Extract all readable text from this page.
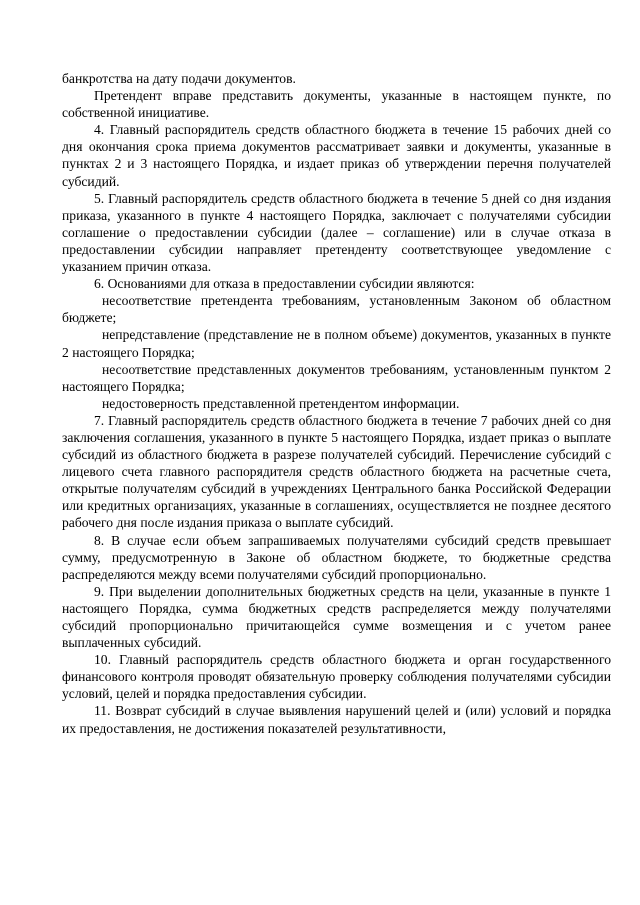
банкротства на дату подачи документов.

Претендент вправе представить документы, указанные в настоящем пункте, по собственной инициативе.

4. Главный распорядитель средств областного бюджета в течение 15 рабочих дней со дня окончания срока приема документов рассматривает заявки и документы, указанные в пунктах 2 и 3 настоящего Порядка, и издает приказ об утверждении перечня получателей субсидий.

5. Главный распорядитель средств областного бюджета в течение 5 дней со дня издания приказа, указанного в пункте 4 настоящего Порядка, заключает с получателями субсидии соглашение о предоставлении субсидии (далее – соглашение) или в случае отказа в предоставлении субсидии направляет претенденту соответствующее уведомление с указанием причин отказа.

6. Основаниями для отказа в предоставлении субсидии являются:

несоответствие претендента требованиям, установленным Законом об областном бюджете;

непредставление (представление не в полном объеме) документов, указанных в пункте 2 настоящего Порядка;

несоответствие представленных документов требованиям, установленным пунктом 2 настоящего Порядка;

недостоверность представленной претендентом информации.

7. Главный распорядитель средств областного бюджета в течение 7 рабочих дней со дня заключения соглашения, указанного в пункте 5 настоящего Порядка, издает приказ о выплате субсидий из областного бюджета в разрезе получателей субсидий. Перечисление субсидий с лицевого счета главного распорядителя средств областного бюджета на расчетные счета, открытые получателям субсидий в учреждениях Центрального банка Российской Федерации или кредитных организациях, указанные в соглашениях, осуществляется не позднее десятого рабочего дня после издания приказа о выплате субсидий.

8. В случае если объем запрашиваемых получателями субсидий средств превышает сумму, предусмотренную в Законе об областном бюджете, то бюджетные средства распределяются между всеми получателями субсидий пропорционально.

9. При выделении дополнительных бюджетных средств на цели, указанные в пункте 1 настоящего Порядка, сумма бюджетных средств распределяется между получателями субсидий пропорционально причитающейся сумме возмещения и с учетом ранее выплаченных субсидий.

10. Главный распорядитель средств областного бюджета и орган государственного финансового контроля проводят обязательную проверку соблюдения получателями субсидии условий, целей и порядка предоставления субсидии.

11. Возврат субсидий в случае выявления нарушений целей и (или) условий и порядка их предоставления, не достижения показателей результативности,
